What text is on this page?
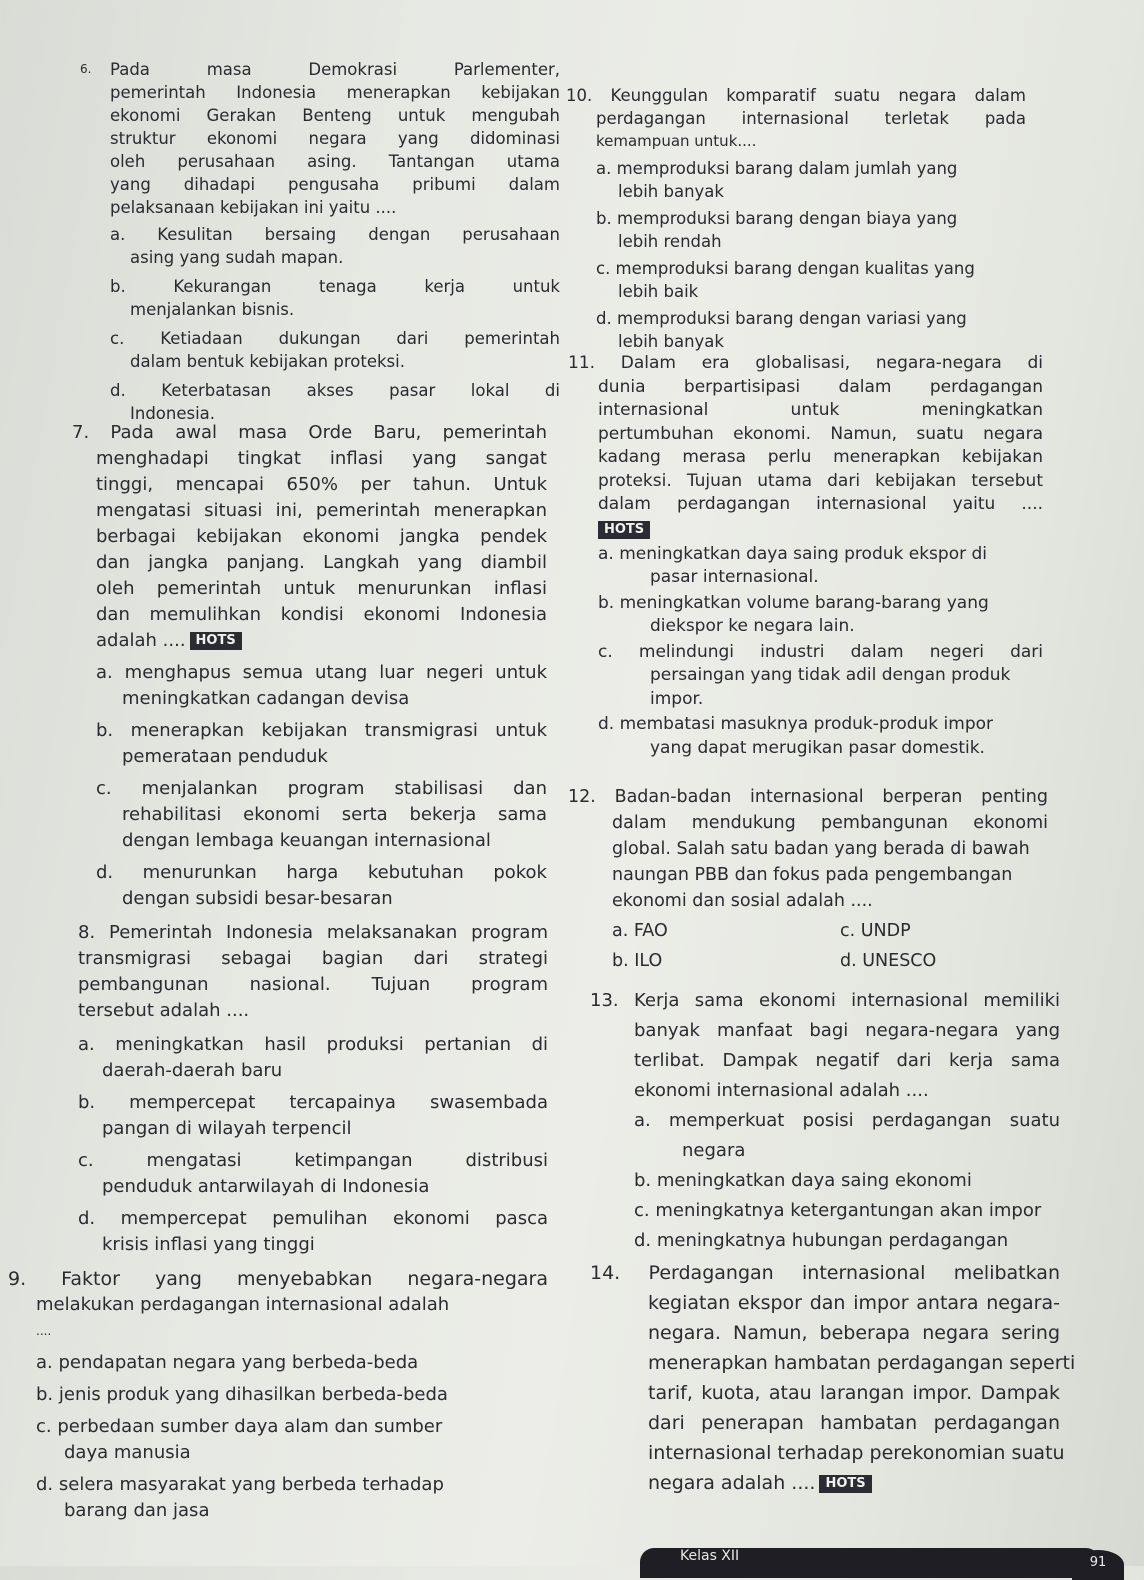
6. Pada masa Demokrasi Parlementer,
pemerintah Indonesia menerapkan kebijakan
ekonomi Gerakan Benteng untuk mengubah
struktur ekonomi negara yang didominasi
oleh perusahaan asing. Tantangan utama
yang dihadapi pengusaha pribumi dalam
pelaksanaan kebijakan ini yaitu ....
a. Kesulitan bersaing dengan perusahaan
asing yang sudah mapan.
b. Kekurangan tenaga kerja untuk
menjalankan bisnis.
c. Ketiadaan dukungan dari pemerintah
dalam bentuk kebijakan proteksi.
d. Keterbatasan akses pasar lokal di
Indonesia.
7. Pada awal masa Orde Baru, pemerintah
menghadapi tingkat inflasi yang sangat
tinggi, mencapai 650% per tahun. Untuk
mengatasi situasi ini, pemerintah menerapkan
berbagai kebijakan ekonomi jangka pendek
dan jangka panjang. Langkah yang diambil
oleh pemerintah untuk menurunkan inflasi
dan memulihkan kondisi ekonomi Indonesia
adalah .... HOTS
a. menghapus semua utang luar negeri untuk
meningkatkan cadangan devisa
b. menerapkan kebijakan transmigrasi untuk
pemerataan penduduk
c. menjalankan program stabilisasi dan
rehabilitasi ekonomi serta bekerja sama
dengan lembaga keuangan internasional
d. menurunkan harga kebutuhan pokok
dengan subsidi besar-besaran
8. Pemerintah Indonesia melaksanakan program
transmigrasi sebagai bagian dari strategi
pembangunan nasional. Tujuan program
tersebut adalah ....
a. meningkatkan hasil produksi pertanian di
daerah-daerah baru
b. mempercepat tercapainya swasembada
pangan di wilayah terpencil
c. mengatasi ketimpangan distribusi
penduduk antarwilayah di Indonesia
d. mempercepat pemulihan ekonomi pasca
krisis inflasi yang tinggi
9. Faktor yang menyebabkan negara-negara
melakukan perdagangan internasional adalah
....
a. pendapatan negara yang berbeda-beda
b. jenis produk yang dihasilkan berbeda-beda
c. perbedaan sumber daya alam dan sumber
daya manusia
d. selera masyarakat yang berbeda terhadap
barang dan jasa
10. Keunggulan komparatif suatu negara dalam
perdagangan internasional terletak pada
kemampuan untuk....
a. memproduksi barang dalam jumlah yang
lebih banyak
b. memproduksi barang dengan biaya yang
lebih rendah
c. memproduksi barang dengan kualitas yang
lebih baik
d. memproduksi barang dengan variasi yang
lebih banyak
11. Dalam era globalisasi, negara-negara di
dunia berpartisipasi dalam perdagangan
internasional untuk meningkatkan
pertumbuhan ekonomi. Namun, suatu negara
kadang merasa perlu menerapkan kebijakan
proteksi. Tujuan utama dari kebijakan tersebut
dalam perdagangan internasional yaitu ....
HOTS
a. meningkatkan daya saing produk ekspor di
pasar internasional.
b. meningkatkan volume barang-barang yang
diekspor ke negara lain.
c. melindungi industri dalam negeri dari
persaingan yang tidak adil dengan produk
impor.
d. membatasi masuknya produk-produk impor
yang dapat merugikan pasar domestik.
12. Badan-badan internasional berperan penting
dalam mendukung pembangunan ekonomi
global. Salah satu badan yang berada di bawah
naungan PBB dan fokus pada pengembangan
ekonomi dan sosial adalah ....
a. FAO	c. UNDP
b. ILO	d. UNESCO
13. Kerja sama ekonomi internasional memiliki
banyak manfaat bagi negara-negara yang
terlibat. Dampak negatif dari kerja sama
ekonomi internasional adalah ....
a. memperkuat posisi perdagangan suatu
negara
b. meningkatkan daya saing ekonomi
c. meningkatnya ketergantungan akan impor
d. meningkatnya hubungan perdagangan
14. Perdagangan internasional melibatkan
kegiatan ekspor dan impor antara negara-
negara. Namun, beberapa negara sering
menerapkan hambatan perdagangan seperti
tarif, kuota, atau larangan impor. Dampak
dari penerapan hambatan perdagangan
internasional terhadap perekonomian suatu
negara adalah .... HOTS
Kelas XII	91
